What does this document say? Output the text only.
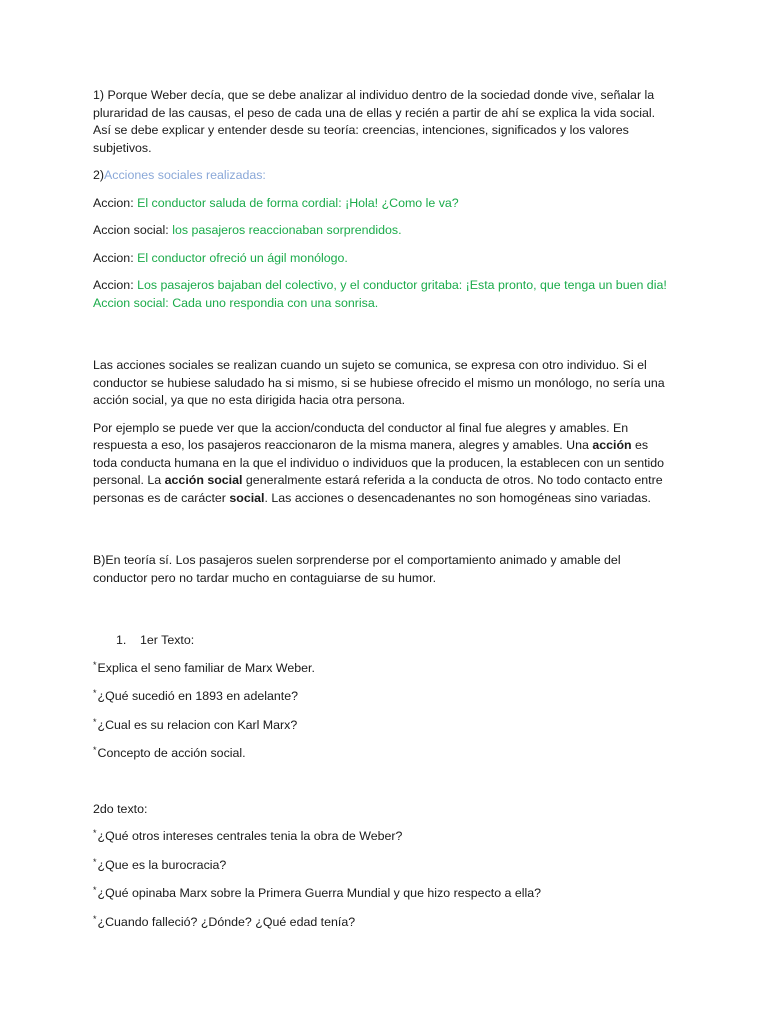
1) Porque Weber decía, que se debe analizar al individuo dentro de la sociedad donde vive, señalar la pluraridad de las causas, el peso de cada una de ellas y recién a partir de ahí se explica la vida social. Así se debe explicar y entender desde su teoría: creencias, intenciones, significados y los valores subjetivos.

2)Acciones sociales realizadas:

Accion: El conductor saluda de forma cordial: ¡Hola! ¿Como le va?

Accion social: los pasajeros reaccionaban sorprendidos.

Accion: El conductor ofreció un ágil monólogo.

Accion: Los pasajeros bajaban del colectivo, y el conductor gritaba: ¡Esta pronto, que tenga un buen dia! Accion social: Cada uno respondia con una sonrisa.

Las acciones sociales se realizan cuando un sujeto se comunica, se expresa con otro individuo. Si el conductor se hubiese saludado ha si mismo, si se hubiese ofrecido el mismo un monólogo, no sería una acción social, ya que no esta dirigida hacia otra persona.

Por ejemplo se puede ver que la accion/conducta del conductor al final fue alegres y amables. En respuesta a eso, los pasajeros reaccionaron de la misma manera, alegres y amables. Una acción es toda conducta humana en la que el individuo o individuos que la producen, la establecen con un sentido personal. La acción social generalmente estará referida a la conducta de otros. No todo contacto entre personas es de carácter social. Las acciones o desencadenantes no son homogéneas sino variadas.

B)En teoría sí. Los pasajeros suelen sorprenderse por el comportamiento animado y amable del conductor pero no tardar mucho en contaguiarse de su humor.

1. 1er Texto:

*Explica el seno familiar de Marx Weber.

*¿Qué sucedió en 1893 en adelante?

*¿Cual es su relacion con Karl Marx?

*Concepto de acción social.

2do texto:

*¿Qué otros intereses centrales tenia la obra de Weber?

*¿Que es la burocracia?

*¿Qué opinaba Marx sobre la Primera Guerra Mundial y que hizo respecto a ella?

*¿Cuando falleció? ¿Dónde? ¿Qué edad tenía?
